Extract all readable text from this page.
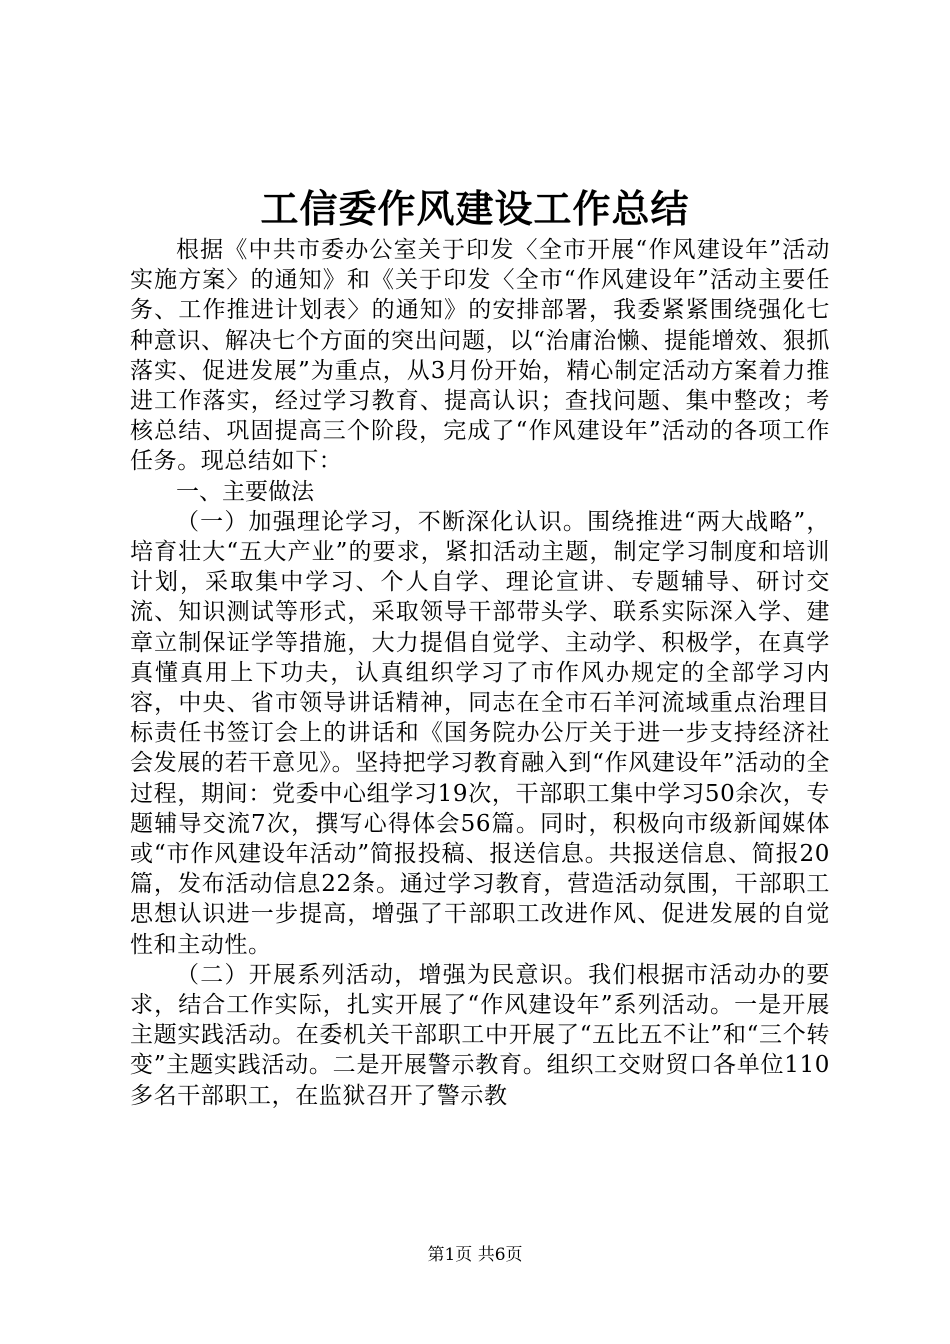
工信委作风建设工作总结

根据《中共市委办公室关于印发〈全市开展“作风建设年”活动实施方案〉的通知》和《关于印发〈全市“作风建设年”活动主要任务、工作推进计划表〉的通知》的安排部署，我委紧紧围绕强化七种意识、解决七个方面的突出问题，以“治庸治懒、提能增效、狠抓落实、促进发展”为重点，从3月份开始，精心制定活动方案着力推进工作落实，经过学习教育、提高认识；查找问题、集中整改；考核总结、巩固提高三个阶段，完成了“作风建设年”活动的各项工作任务。现总结如下：

一、主要做法

（一）加强理论学习，不断深化认识。围绕推进“两大战略”，培育壮大“五大产业”的要求，紧扣活动主题，制定学习制度和培训计划，采取集中学习、个人自学、理论宣讲、专题辅导、研讨交流、知识测试等形式，采取领导干部带头学、联系实际深入学、建章立制保证学等措施，大力提倡自觉学、主动学、积极学，在真学真懂真用上下功夫，认真组织学习了市作风办规定的全部学习内容，中央、省市领导讲话精神，同志在全市石羊河流域重点治理目标责任书签订会上的讲话和《国务院办公厅关于进一步支持经济社会发展的若干意见》。坚持把学习教育融入到“作风建设年”活动的全过程，期间：党委中心组学习19次，干部职工集中学习50余次，专题辅导交流7次，撰写心得体会56篇。同时，积极向市级新闻媒体或“市作风建设年活动”简报投稿、报送信息。共报送信息、简报20篇，发布活动信息22条。通过学习教育，营造活动氛围，干部职工思想认识进一步提高，增强了干部职工改进作风、促进发展的自觉性和主动性。

（二）开展系列活动，增强为民意识。我们根据市活动办的要求，结合工作实际，扎实开展了“作风建设年”系列活动。一是开展主题实践活动。在委机关干部职工中开展了“五比五不让”和“三个转变”主题实践活动。二是开展警示教育。组织工交财贸口各单位110多名干部职工，在监狱召开了警示教

第1页 共6页
